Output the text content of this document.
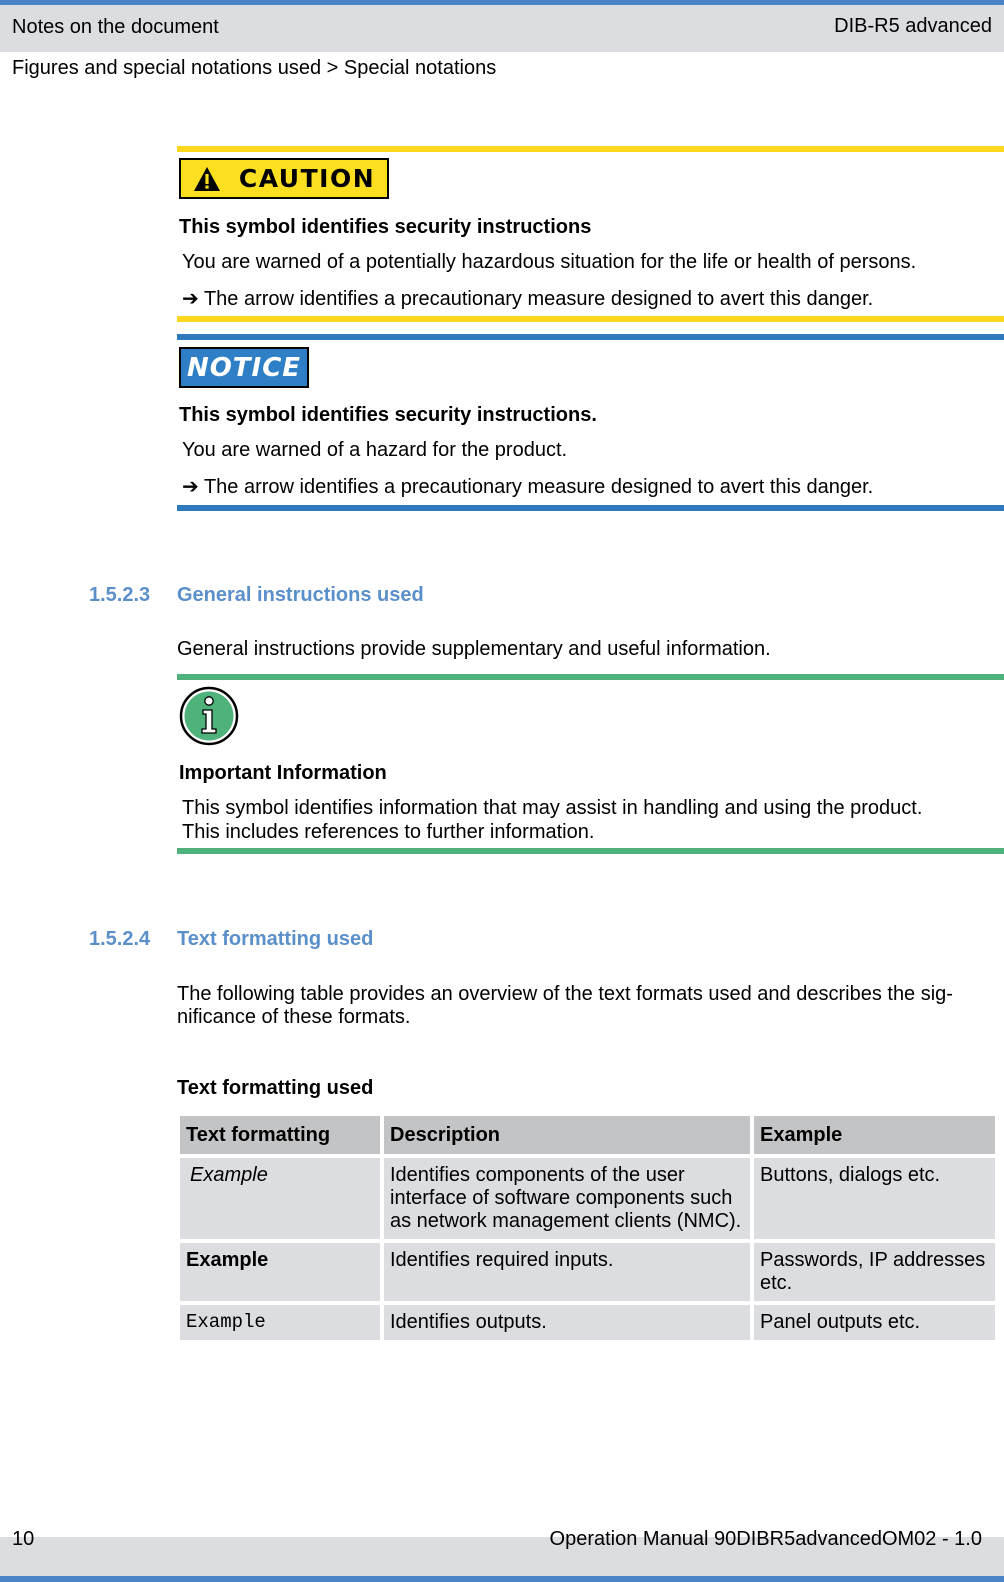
Notes on the document	DIB-R5 advanced
Figures and special notations used > Special notations
CAUTION
This symbol identifies security instructions
You are warned of a potentially hazardous situation for the life or health of persons.
➔ The arrow identifies a precautionary measure designed to avert this danger.
NOTICE
This symbol identifies security instructions.
You are warned of a hazard for the product.
➔ The arrow identifies a precautionary measure designed to avert this danger.
1.5.2.3 General instructions used
General instructions provide supplementary and useful information.
Important Information
This symbol identifies information that may assist in handling and using the product.
This includes references to further information.
1.5.2.4 Text formatting used
The following table provides an overview of the text formats used and describes the sig-
nificance of these formats.
Text formatting used
Text formatting	Description	Example
Example	Identifies components of the user interface of software components such as network management clients (NMC).	Buttons, dialogs etc.
Example	Identifies required inputs.	Passwords, IP addresses etc.
Example	Identifies outputs.	Panel outputs etc.
10	Operation Manual 90DIBR5advancedOM02 - 1.0
